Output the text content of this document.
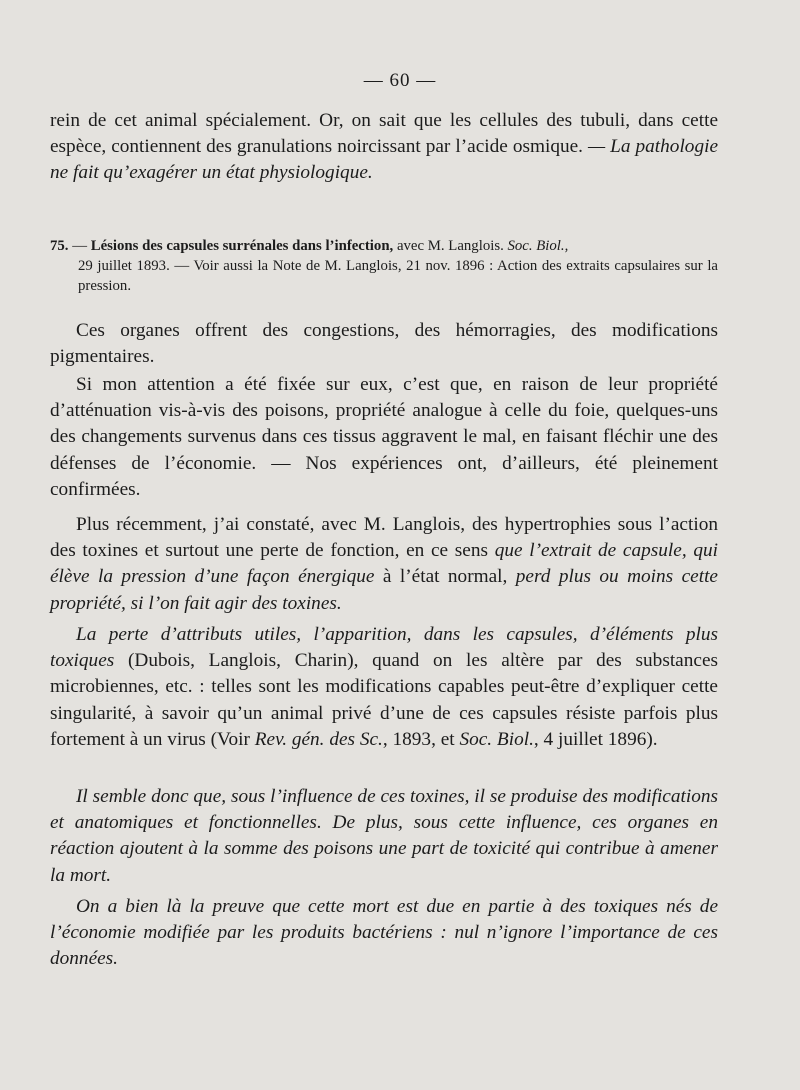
— 60 —

rein de cet animal spécialement. Or, on sait que les cellules des tubuli, dans cette espèce, contiennent des granulations noircissant par l’acide osmique. — La pathologie ne fait qu’exagérer un état physiologique.

75. — Lésions des capsules surrénales dans l’infection, avec M. Langlois. Soc. Biol.,
29 juillet 1893. — Voir aussi la Note de M. Langlois, 21 nov. 1896 : Action des extraits capsulaires sur la pression.

Ces organes offrent des congestions, des hémorragies, des modifications pigmentaires.

Si mon attention a été fixée sur eux, c’est que, en raison de leur propriété d’atténuation vis-à-vis des poisons, propriété analogue à celle du foie, quelques-uns des changements survenus dans ces tissus aggravent le mal, en faisant fléchir une des défenses de l’économie. — Nos expériences ont, d’ailleurs, été pleinement confirmées.

Plus récemment, j’ai constaté, avec M. Langlois, des hypertrophies sous l’action des toxines et surtout une perte de fonction, en ce sens que l’extrait de capsule, qui élève la pression d’une façon énergique à l’état normal, perd plus ou moins cette propriété, si l’on fait agir des toxines.

La perte d’attributs utiles, l’apparition, dans les capsules, d’éléments plus toxiques (Dubois, Langlois, Charin), quand on les altère par des substances microbiennes, etc. : telles sont les modifications capables peut-être d’expliquer cette singularité, à savoir qu’un animal privé d’une de ces capsules résiste parfois plus fortement à un virus (Voir Rev. gén. des Sc., 1893, et Soc. Biol., 4 juillet 1896).

Il semble donc que, sous l’influence de ces toxines, il se produise des modifications et anatomiques et fonctionnelles. De plus, sous cette influence, ces organes en réaction ajoutent à la somme des poisons une part de toxicité qui contribue à amener la mort.

On a bien là la preuve que cette mort est due en partie à des toxiques nés de l’économie modifiée par les produits bactériens : nul n’ignore l’importance de ces données.
